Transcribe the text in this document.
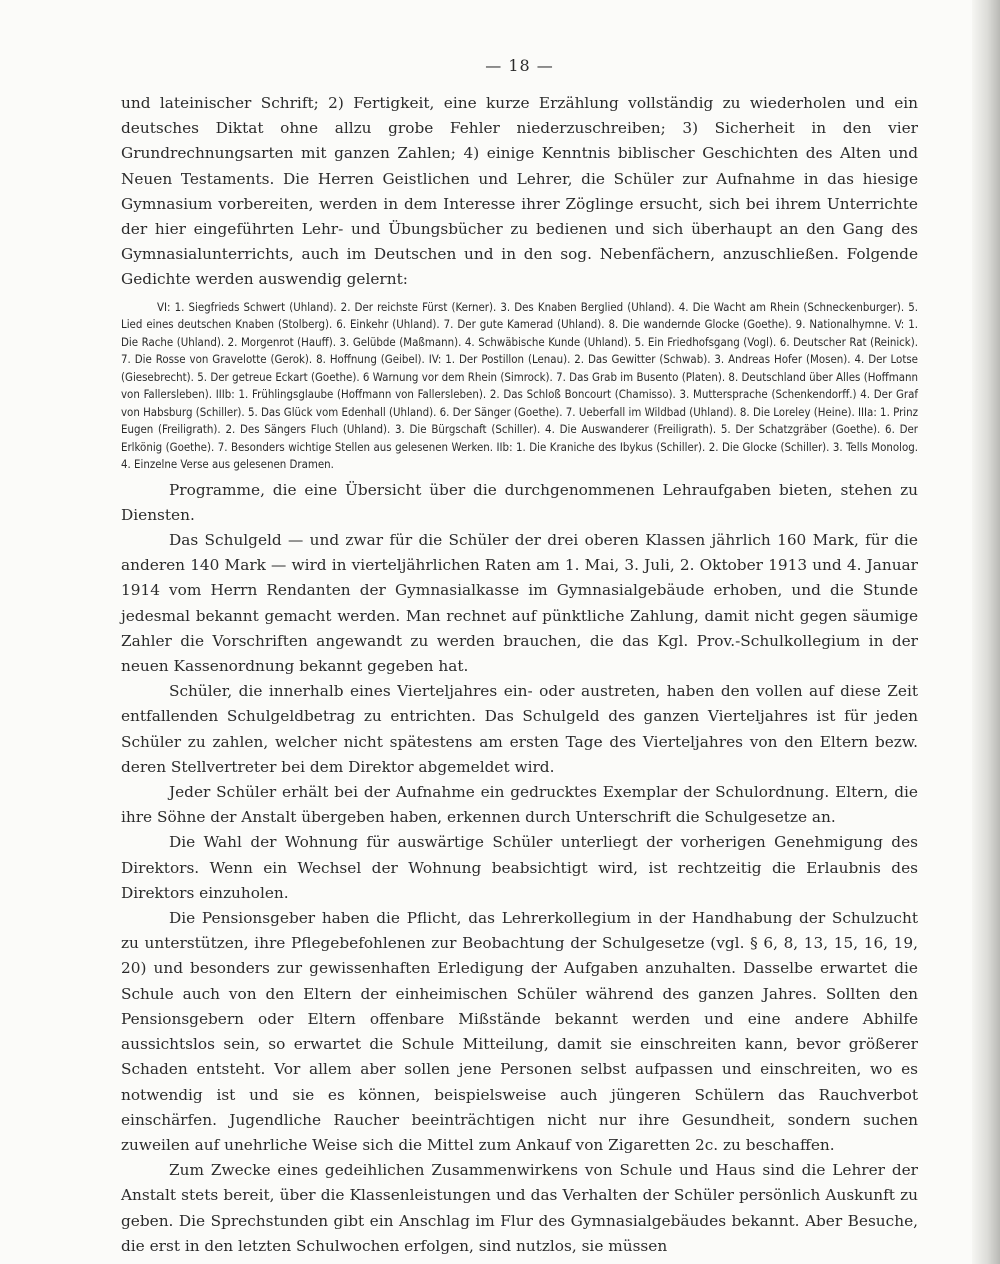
— 18 —

und lateinischer Schrift; 2) Fertigkeit, eine kurze Erzählung vollständig zu wiederholen und ein deutsches Diktat ohne allzu grobe Fehler niederzuschreiben; 3) Sicherheit in den vier Grundrechnungsarten mit ganzen Zahlen; 4) einige Kenntnis biblischer Geschichten des Alten und Neuen Testaments. Die Herren Geistlichen und Lehrer, die Schüler zur Aufnahme in das hiesige Gymnasium vorbereiten, werden in dem Interesse ihrer Zöglinge ersucht, sich bei ihrem Unterrichte der hier eingeführten Lehr- und Übungsbücher zu bedienen und sich überhaupt an den Gang des Gymnasialunterrichts, auch im Deutschen und in den sog. Nebenfächern, anzuschließen. Folgende Gedichte werden auswendig gelernt:

VI: 1. Siegfrieds Schwert (Uhland). 2. Der reichste Fürst (Kerner). 3. Des Knaben Berglied (Uhland). 4. Die Wacht am Rhein (Schneckenburger). 5. Lied eines deutschen Knaben (Stolberg). 6. Einkehr (Uhland). 7. Der gute Kamerad (Uhland). 8. Die wandernde Glocke (Goethe). 9. Nationalhymne. V: 1. Die Rache (Uhland). 2. Morgenrot (Hauff). 3. Gelübde (Maßmann). 4. Schwäbische Kunde (Uhland). 5. Ein Friedhofsgang (Vogl). 6. Deutscher Rat (Reinick). 7. Die Rosse von Gravelotte (Gerok). 8. Hoffnung (Geibel). IV: 1. Der Postillon (Lenau). 2. Das Gewitter (Schwab). 3. Andreas Hofer (Mosen). 4. Der Lotse (Giesebrecht). 5. Der getreue Eckart (Goethe). 6 Warnung vor dem Rhein (Simrock). 7. Das Grab im Busento (Platen). 8. Deutschland über Alles (Hoffmann von Fallersleben). IIIb: 1. Frühlingsglaube (Hoffmann von Fallersleben). 2. Das Schloß Boncourt (Chamisso). 3. Muttersprache (Schenkendorff.) 4. Der Graf von Habsburg (Schiller). 5. Das Glück vom Edenhall (Uhland). 6. Der Sänger (Goethe). 7. Ueberfall im Wildbad (Uhland). 8. Die Loreley (Heine). IIIa: 1. Prinz Eugen (Freiligrath). 2. Des Sängers Fluch (Uhland). 3. Die Bürgschaft (Schiller). 4. Die Auswanderer (Freiligrath). 5. Der Schatzgräber (Goethe). 6. Der Erlkönig (Goethe). 7. Besonders wichtige Stellen aus gelesenen Werken. IIb: 1. Die Kraniche des Ibykus (Schiller). 2. Die Glocke (Schiller). 3. Tells Monolog. 4. Einzelne Verse aus gelesenen Dramen.

Programme, die eine Übersicht über die durchgenommenen Lehraufgaben bieten, stehen zu Diensten.

Das Schulgeld — und zwar für die Schüler der drei oberen Klassen jährlich 160 Mark, für die anderen 140 Mark — wird in vierteljährlichen Raten am 1. Mai, 3. Juli, 2. Oktober 1913 und 4. Januar 1914 vom Herrn Rendanten der Gymnasialkasse im Gymnasialgebäude erhoben, und die Stunde jedesmal bekannt gemacht werden. Man rechnet auf pünktliche Zahlung, damit nicht gegen säumige Zahler die Vorschriften angewandt zu werden brauchen, die das Kgl. Prov.-Schulkollegium in der neuen Kassenordnung bekannt gegeben hat.

Schüler, die innerhalb eines Vierteljahres ein- oder austreten, haben den vollen auf diese Zeit entfallenden Schulgeldbetrag zu entrichten. Das Schulgeld des ganzen Vierteljahres ist für jeden Schüler zu zahlen, welcher nicht spätestens am ersten Tage des Vierteljahres von den Eltern bezw. deren Stellvertreter bei dem Direktor abgemeldet wird.

Jeder Schüler erhält bei der Aufnahme ein gedrucktes Exemplar der Schulordnung. Eltern, die ihre Söhne der Anstalt übergeben haben, erkennen durch Unterschrift die Schulgesetze an.

Die Wahl der Wohnung für auswärtige Schüler unterliegt der vorherigen Genehmigung des Direktors. Wenn ein Wechsel der Wohnung beabsichtigt wird, ist rechtzeitig die Erlaubnis des Direktors einzuholen.

Die Pensionsgeber haben die Pflicht, das Lehrerkollegium in der Handhabung der Schulzucht zu unterstützen, ihre Pflegebefohlenen zur Beobachtung der Schulgesetze (vgl. § 6, 8, 13, 15, 16, 19, 20) und besonders zur gewissenhaften Erledigung der Aufgaben anzuhalten. Dasselbe erwartet die Schule auch von den Eltern der einheimischen Schüler während des ganzen Jahres. Sollten den Pensionsgebern oder Eltern offenbare Mißstände bekannt werden und eine andere Abhilfe aussichtslos sein, so erwartet die Schule Mitteilung, damit sie einschreiten kann, bevor größerer Schaden entsteht. Vor allem aber sollen jene Personen selbst aufpassen und einschreiten, wo es notwendig ist und sie es können, beispielsweise auch jüngeren Schülern das Rauchverbot einschärfen. Jugendliche Raucher beeinträchtigen nicht nur ihre Gesundheit, sondern suchen zuweilen auf unehrliche Weise sich die Mittel zum Ankauf von Zigaretten 2c. zu beschaffen.

Zum Zwecke eines gedeihlichen Zusammenwirkens von Schule und Haus sind die Lehrer der Anstalt stets bereit, über die Klassenleistungen und das Verhalten der Schüler persönlich Auskunft zu geben. Die Sprechstunden gibt ein Anschlag im Flur des Gymnasialgebäudes bekannt. Aber Besuche, die erst in den letzten Schulwochen erfolgen, sind nutzlos, sie müssen
